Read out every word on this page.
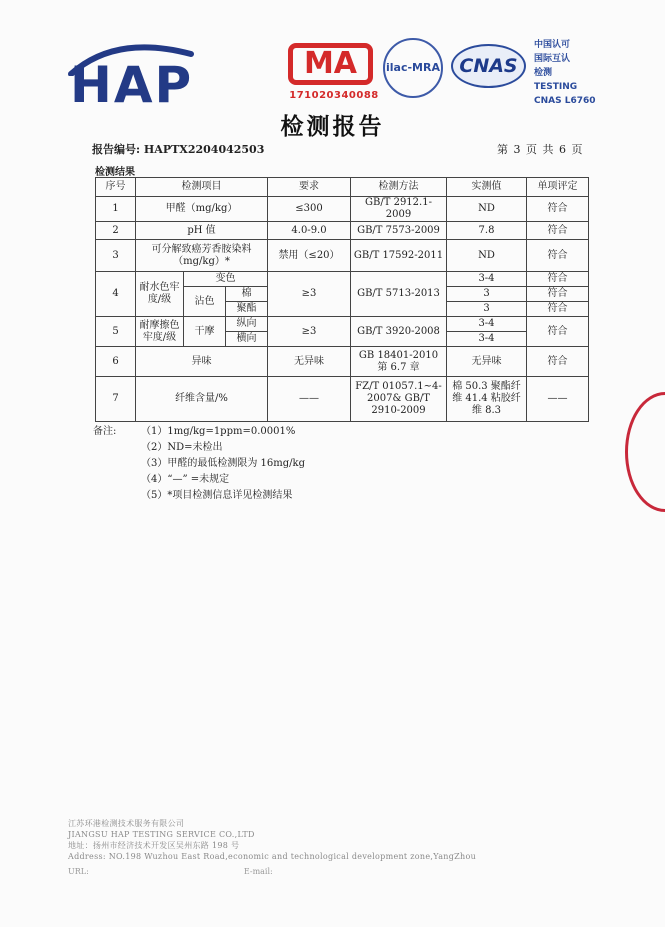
HAP	MA
171020340088
ilac-MRA	CNAS
中国认可
国际互认
检测
TESTING
CNAS L6760
检测报告
报告编号: HAPTX2204042503	第 3 页 共 6 页
检测结果
序号	检测项目			要求	检测方法	实测值	单项评定
1	甲醛（mg/kg）			≤300	GB/T 2912.1-2009	ND	符合
2	pH 值			4.0-9.0	GB/T 7573-2009	7.8	符合
3	可分解致癌芳香胺染料（mg/kg）*			禁用（≤20）	GB/T 17592-2011	ND	符合
4	耐水色牢度/级	变色		≥3	GB/T 5713-2013	3-4	符合
		沾色	棉			3	符合
			聚酯			3	符合
5	耐摩擦色牢度/级	干摩	纵向	≥3	GB/T 3920-2008	3-4	符合
			横向			3-4	
6	异味			无异味	GB 18401-2010 第 6.7 章	无异味	符合
7	纤维含量/%			——	FZ/T 01057.1~4-2007& GB/T 2910-2009	棉 50.3 聚酯纤维 41.4 粘胶纤维 8.3	——
备注: （1）1mg/kg=1ppm=0.0001%
（2）ND=未检出
（3）甲醛的最低检测限为 16mg/kg
（4）“—” =未规定
（5）*项目检测信息详见检测结果
江苏环港检测技术服务有限公司
JIANGSU HAP TESTING SERVICE CO.,LTD
地址：扬州市经济技术开发区吴州东路 198 号
Address: NO.198 Wuzhou East Road,economic and technological development zone,YangZhou
URL:	E-mail:
